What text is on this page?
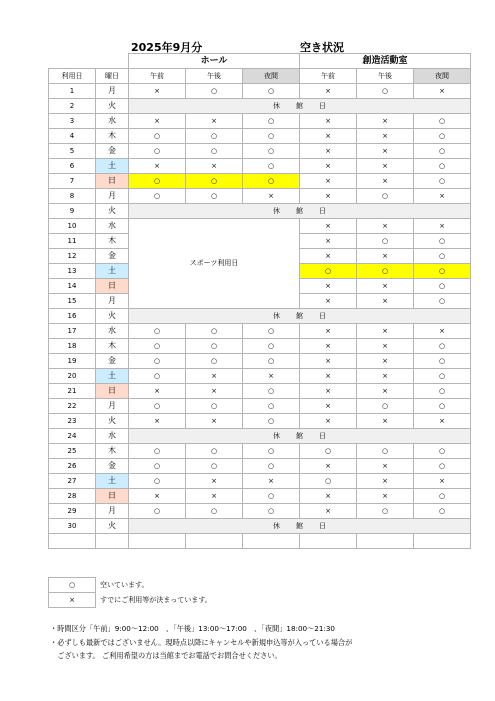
2025年9月分	空き状況
		ホール			創造活動室		
利用日	曜日	午前	午後	夜間	午前	午後	夜間
1	月	×	○	○	×	○	×
2	火	休 館 日					
3	水	×	×	○	×	×	○
4	木	○	○	○	×	×	○
5	金	○	○	○	×	×	○
6	土	×	×	○	×	×	○
7	日	○	○	○	×	×	○
8	月	○	○	×	×	○	×
9	火	休 館 日					
10	水	スポーツ利用日			×	×	×
11	木				×	○	○
12	金				×	×	○
13	土				○	○	○
14	日				×	×	○
15	月				×	×	○
16	火	休 館 日					
17	水	○	○	○	×	×	×
18	木	○	○	○	×	×	○
19	金	○	○	○	×	×	○
20	土	○	×	×	×	×	○
21	日	×	×	○	×	×	○
22	月	○	○	○	×	○	○
23	火	×	×	○	×	×	×
24	水	休 館 日					
25	木	○	○	○	○	○	○
26	金	○	○	○	×	×	○
27	土	○	×	×	○	×	×
28	日	×	×	○	×	×	○
29	月	○	○	○	×	○	○
30	火	休 館 日					

○	空いています。
×	すでにご利用等が決まっています。

・時間区分「午前」9:00～12:00　、「午後」13:00～17:00　、「夜間」18:00～21:30

・必ずしも最新ではございません。現時点以降にキャンセルや新規申込等が入っている場合が

　ございます。 ご利用希望の方は当館までお電話でお問合せください。
